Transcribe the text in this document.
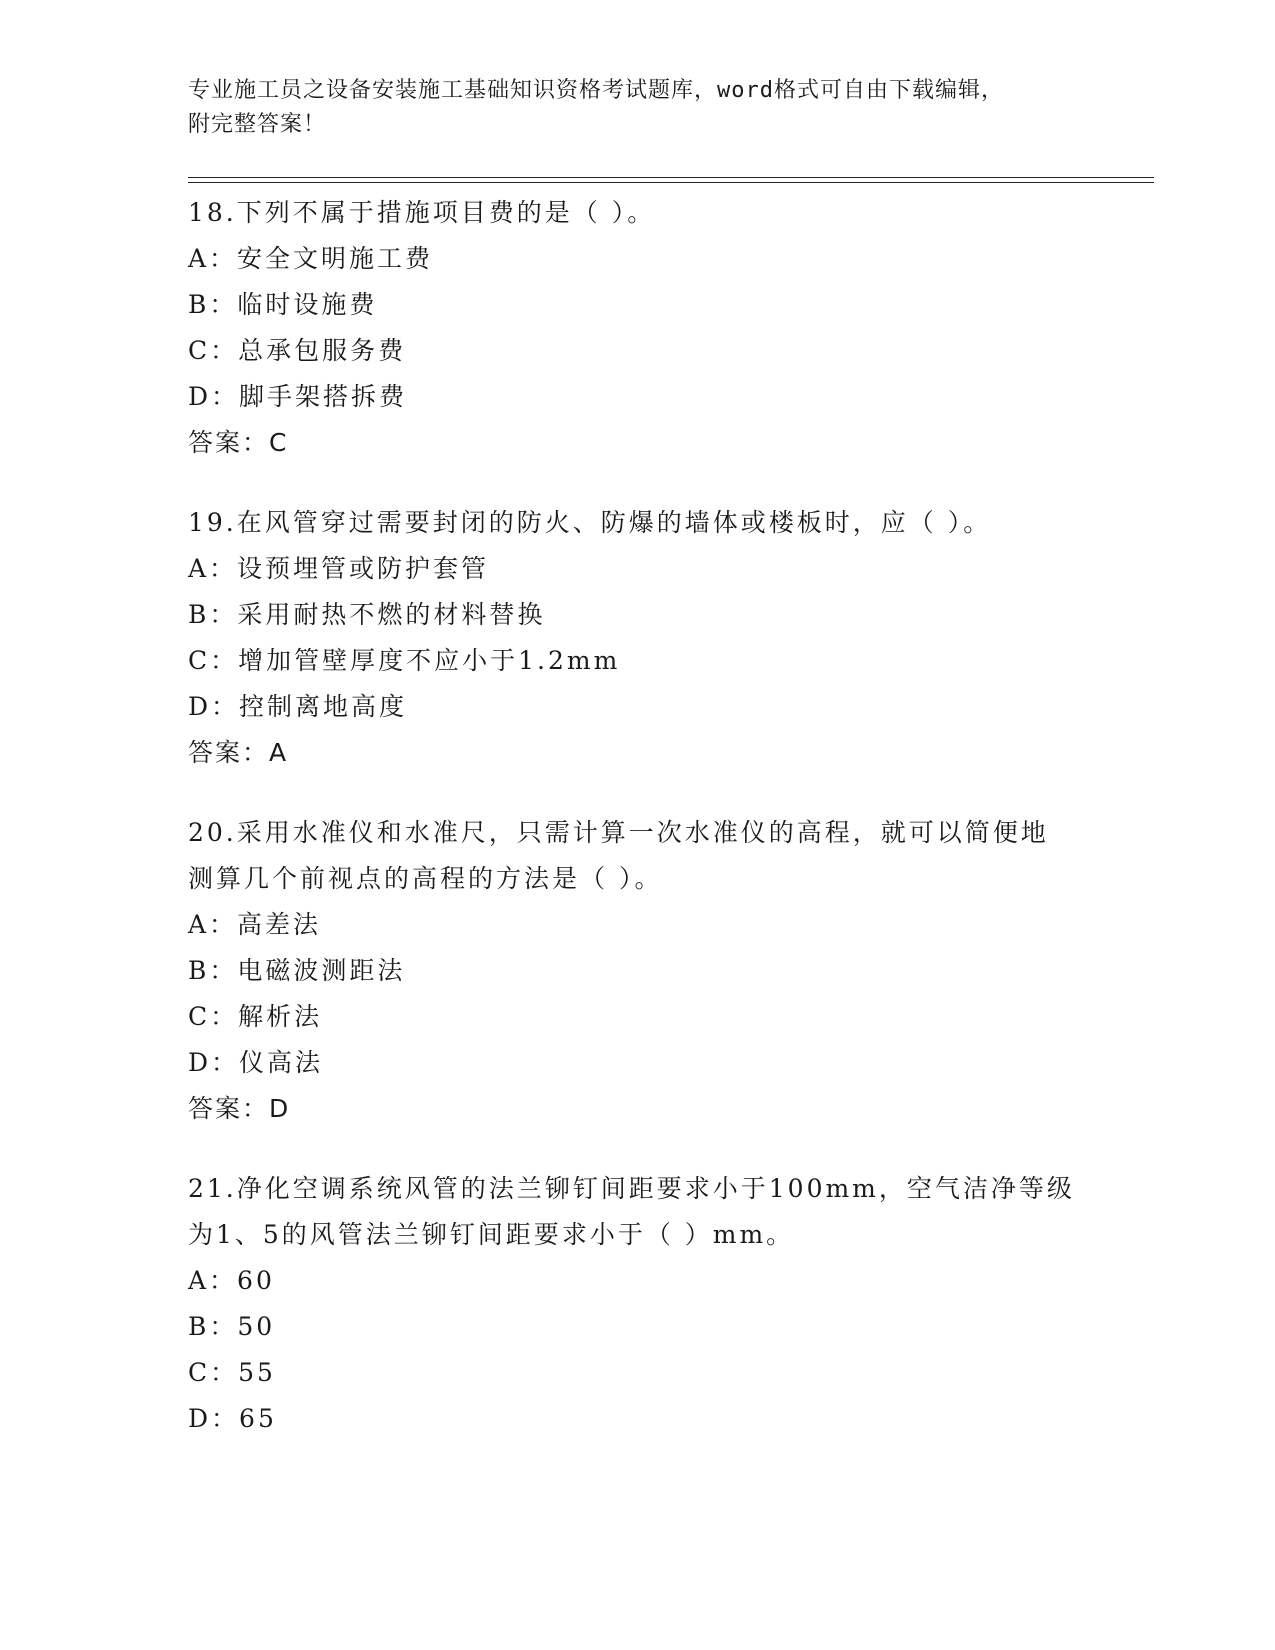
专业施工员之设备安装施工基础知识资格考试题库，word格式可自由下载编辑，
附完整答案！
18.下列不属于措施项目费的是（ ）。
A：安全文明施工费
B：临时设施费
C：总承包服务费
D：脚手架搭拆费
答案：C
19.在风管穿过需要封闭的防火、防爆的墙体或楼板时，应（ ）。
A：设预埋管或防护套管
B：采用耐热不燃的材料替换
C：增加管壁厚度不应小于1.2mm
D：控制离地高度
答案：A
20.采用水准仪和水准尺，只需计算一次水准仪的高程，就可以简便地
测算几个前视点的高程的方法是（ ）。
A：高差法
B：电磁波测距法
C：解析法
D：仪高法
答案：D
21.净化空调系统风管的法兰铆钉间距要求小于100mm，空气洁净等级
为1、5的风管法兰铆钉间距要求小于（ ）mm。
A：60
B：50
C：55
D：65
